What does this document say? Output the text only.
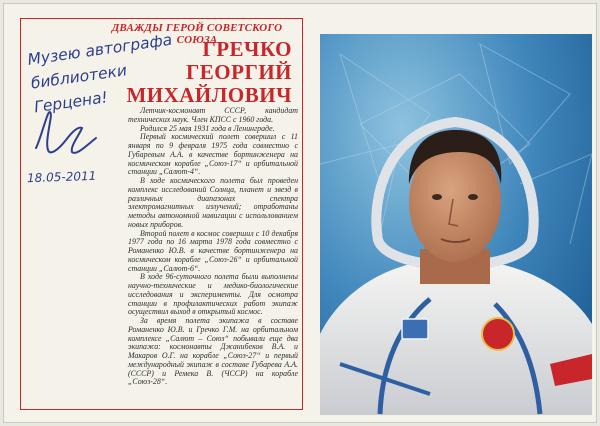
ДВАЖДЫ ГЕРОЙ СОВЕТСКОГО СОЮЗА
ГРЕЧКО
ГЕОРГИЙ
МИХАЙЛОВИЧ

Летчик-космонавт СССР, кандидат технических наук. Член КПСС с 1960 года.

Родился 25 мая 1931 года в Ленинграде.

Первый космический полет совершил с 11 января по 9 февраля 1975 года совместно с Губаревым А.А. в качестве бортинженера на космическом корабле „Союз-17“ и орбитальной станции „Салют-4“.

В ходе космического полета был проведен комплекс исследований Солнца, планет и звезд в различных диапазонах спектра электромагнитных излучений; отработаны методы автономной навигации с использованием новых приборов.

Второй полет в космос совершил с 10 декабря 1977 года по 16 марта 1978 года совместно с Романенко Ю.В. в качестве бортинженера на космическом корабле „Союз-26“ и орбитальной станции „Салют-6“.

В ходе 96-суточного полета были выполнены научно-технические и медико-биологические исследования и эксперименты. Для осмотра станции в профилактических работ экипаж осуществил выход в открытый космос.

За время полета экипажа в составе Романенко Ю.В. и Гречко Г.М. на орбитальном комплексе „Салют – Союз“ побывали еще два экипажа: космонавты Джанибеков В.А. и Макаров О.Г. на корабле „Союз-27“ и первый международный экипаж в составе Губарева А.А. (СССР) и Ремека В. (ЧССР) на корабле „Союз-28“.

Музею автографа
библиотеки Герцена!
18.05-2011
